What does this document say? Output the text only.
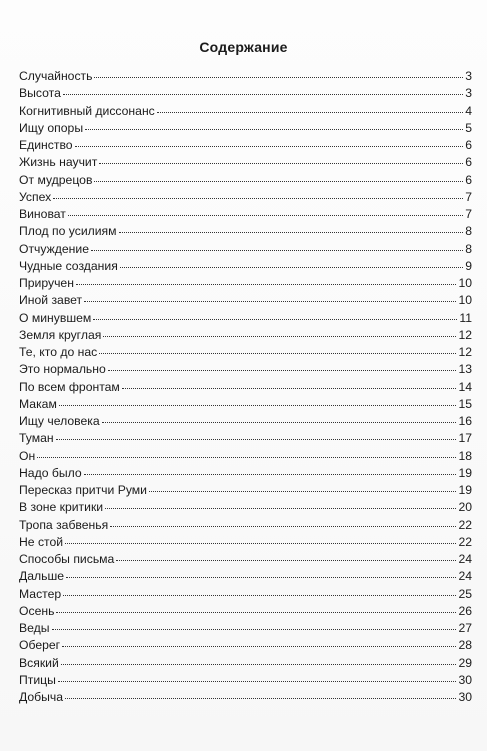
Содержание
Случайность	3
Высота	3
Когнитивный диссонанс	4
Ищу опоры	5
Единство	6
Жизнь научит	6
От мудрецов	6
Успех	7
Виноват	7
Плод по усилиям	8
Отчуждение	8
Чудные создания	9
Приручен	10
Иной завет	10
О минувшем	11
Земля круглая	12
Те, кто до нас	12
Это нормально	13
По всем фронтам	14
Макам	15
Ищу человека	16
Туман	17
Он	18
Надо было	19
Пересказ притчи Руми	19
В зоне критики	20
Тропа забвенья	22
Не стой	22
Способы письма	24
Дальше	24
Мастер	25
Осень	26
Веды	27
Оберег	28
Всякий	29
Птицы	30
Добыча	30
